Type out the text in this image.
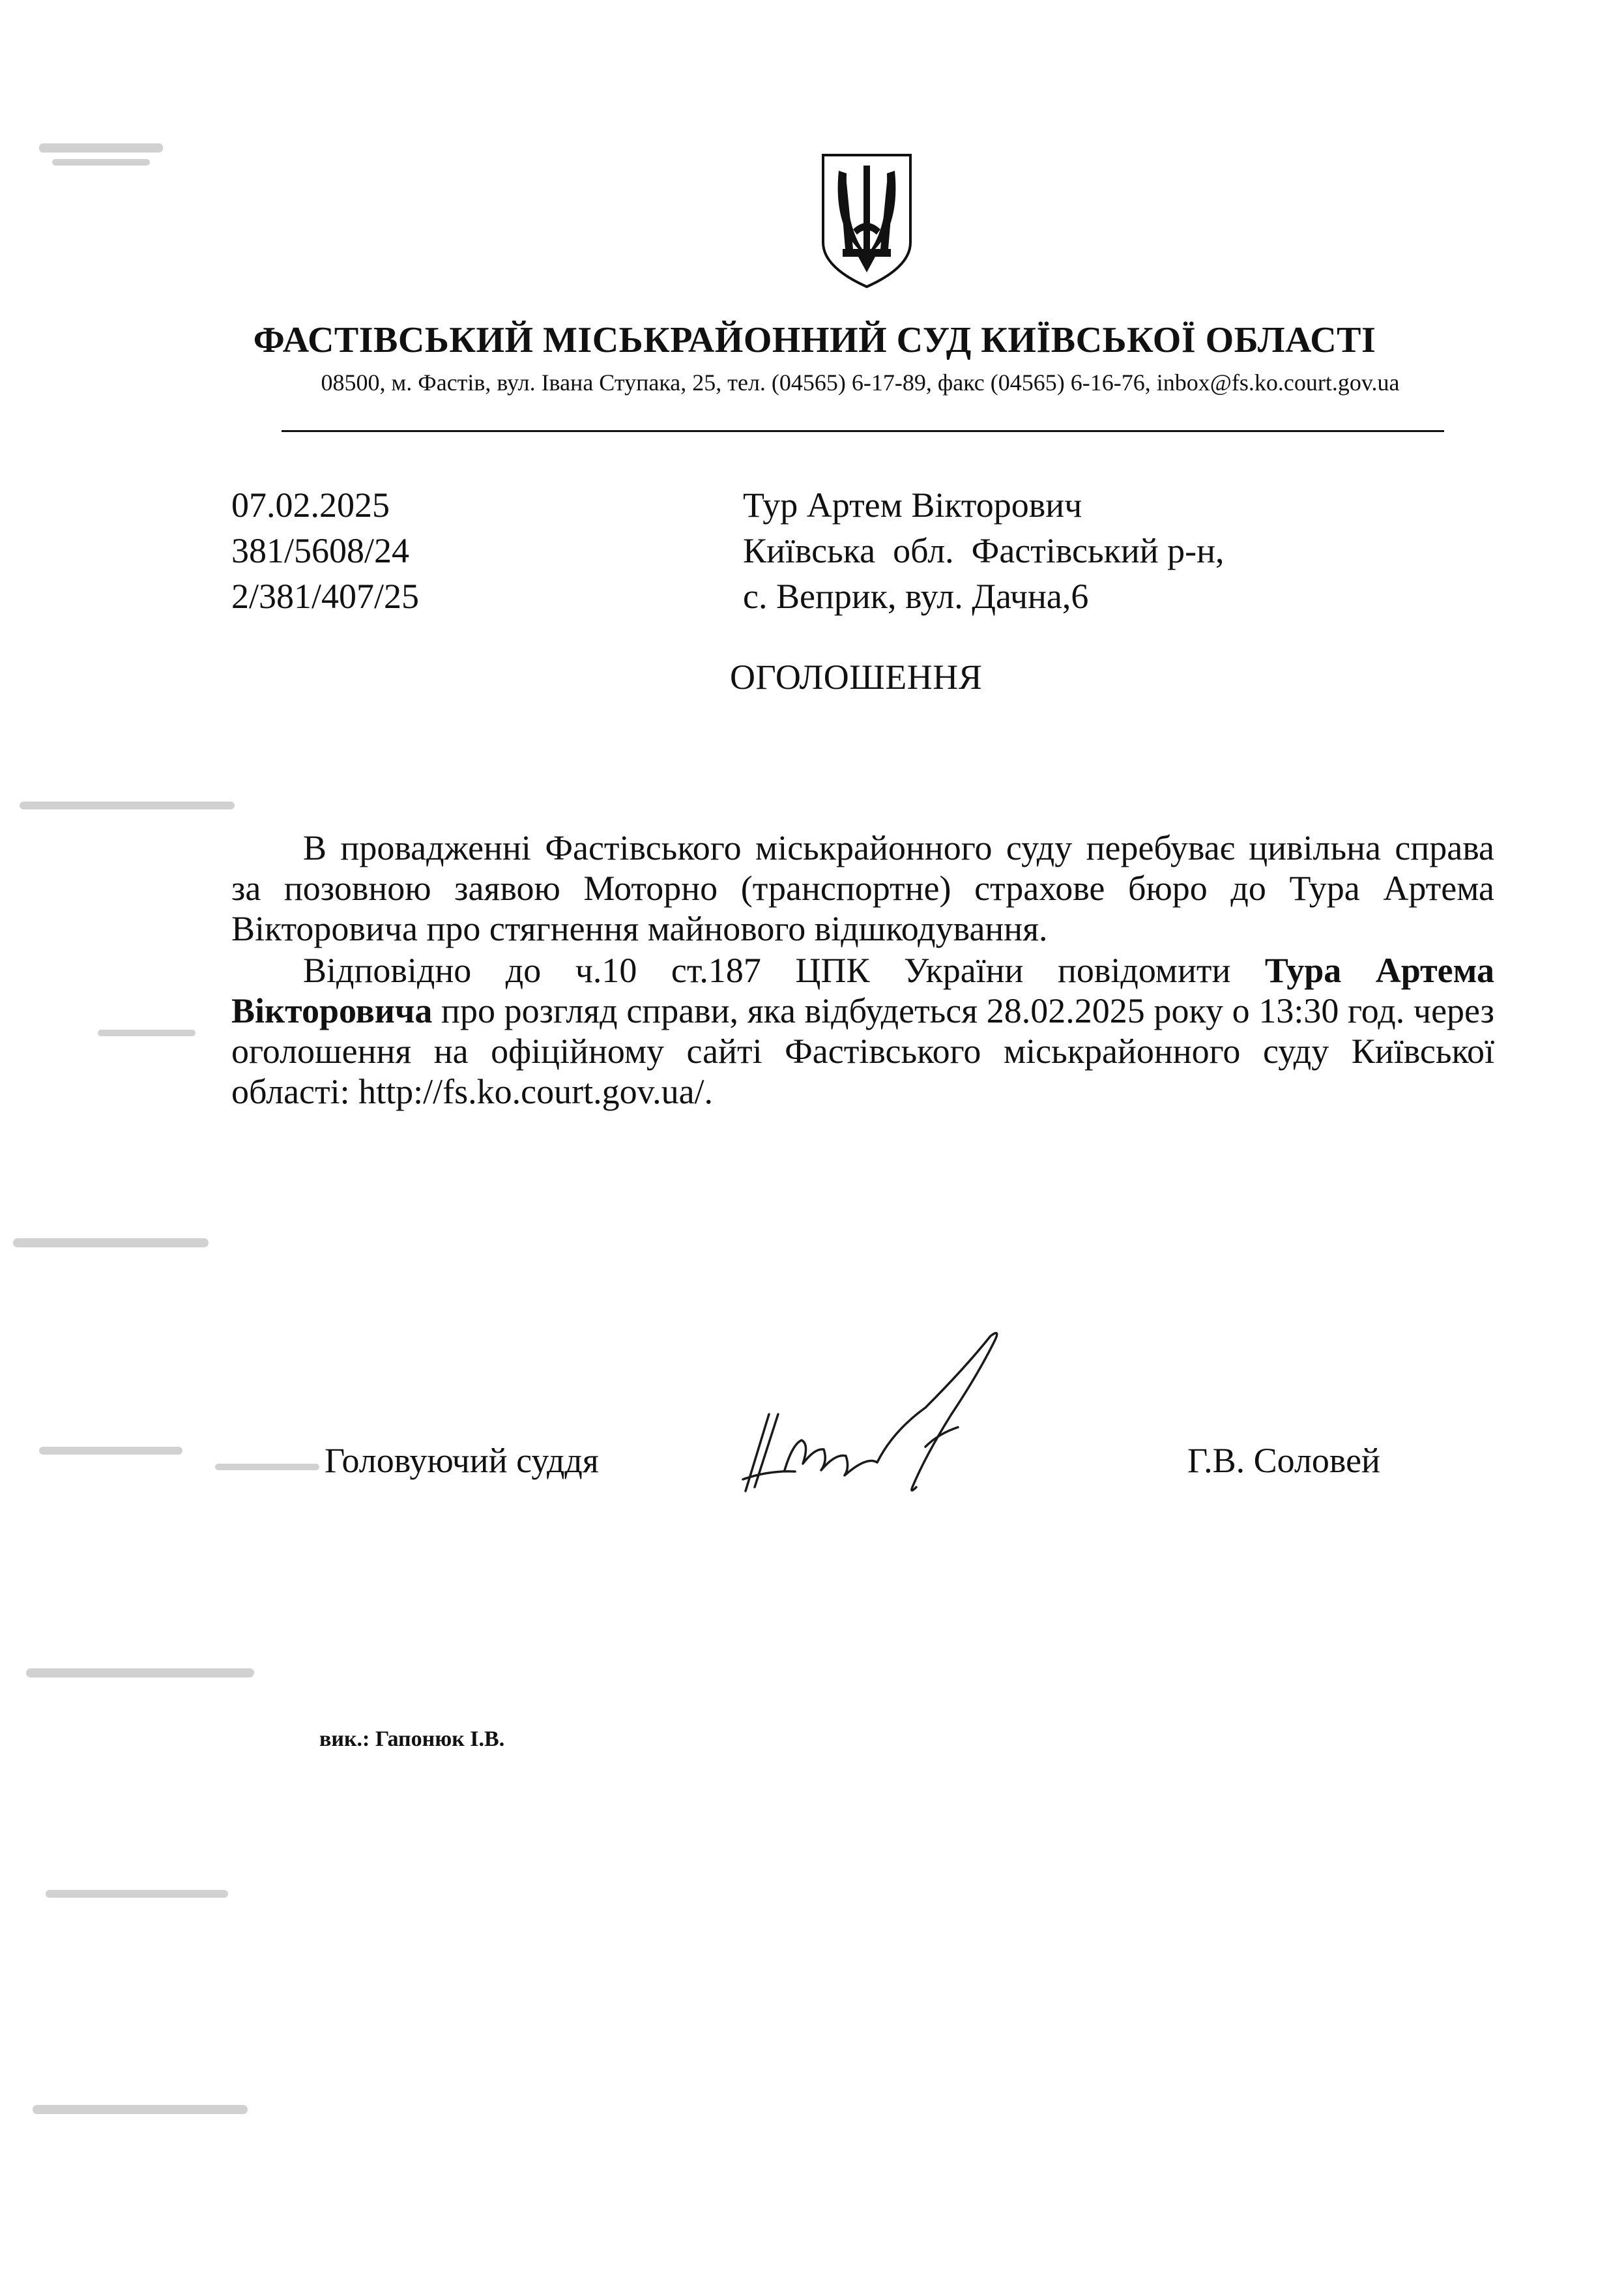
ФАСТІВСЬКИЙ МІСЬКРАЙОННИЙ СУД КИЇВСЬКОЇ ОБЛАСТІ
08500, м. Фастів, вул. Івана Ступака, 25, тел. (04565) 6-17-89, факс (04565) 6-16-76, inbox@fs.ko.court.gov.ua
07.02.2025
381/5608/24
2/381/407/25
Тур Артем Вікторович
Київська  обл.  Фастівський р-н,
с. Веприк, вул. Дачна,6
ОГОЛОШЕННЯ

В провадженні Фастівського міськрайонного суду перебуває цивільна справа за позовною заявою Моторно (транспортне) страхове бюро до Тура Артема Вікторовича про стягнення майнового відшкодування.

Відповідно до ч.10 ст.187 ЦПК України повідомити Тура Артема Вікторовича про розгляд справи, яка відбудеться 28.02.2025 року о 13:30 год. через оголошення на офіційному сайті Фастівського міськрайонного суду Київської області: http://fs.ko.court.gov.ua/.

Головуючий суддя	Г.В. Соловей
вик.: Гапонюк І.В.
